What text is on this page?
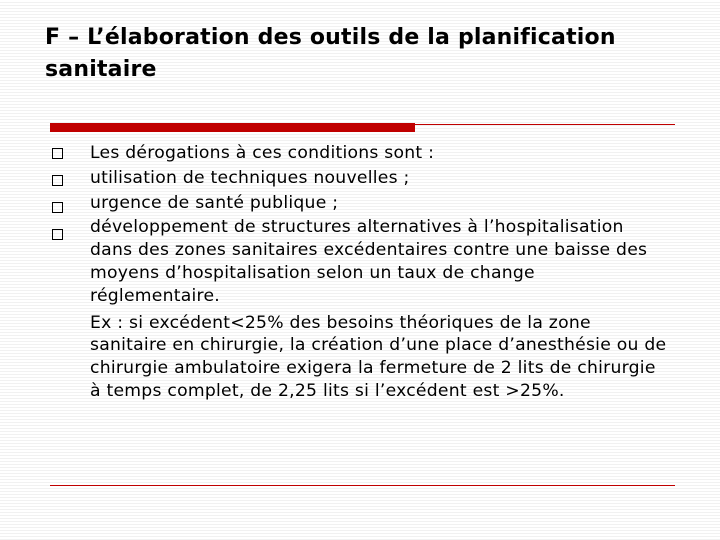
F – L’élaboration des outils de la planification
sanitaire

Les dérogations à ces conditions sont :

utilisation de techniques nouvelles ;

urgence de santé publique ;

développement de structures alternatives à l’hospitalisation dans des zones sanitaires excédentaires contre une baisse des moyens d’hospitalisation selon un taux de change réglementaire.

Ex : si excédent<25% des besoins théoriques de la zone sanitaire en chirurgie, la création d’une place d’anesthésie ou de chirurgie ambulatoire exigera la fermeture de 2 lits de chirurgie à temps complet, de 2,25 lits si l’excédent est >25%.
